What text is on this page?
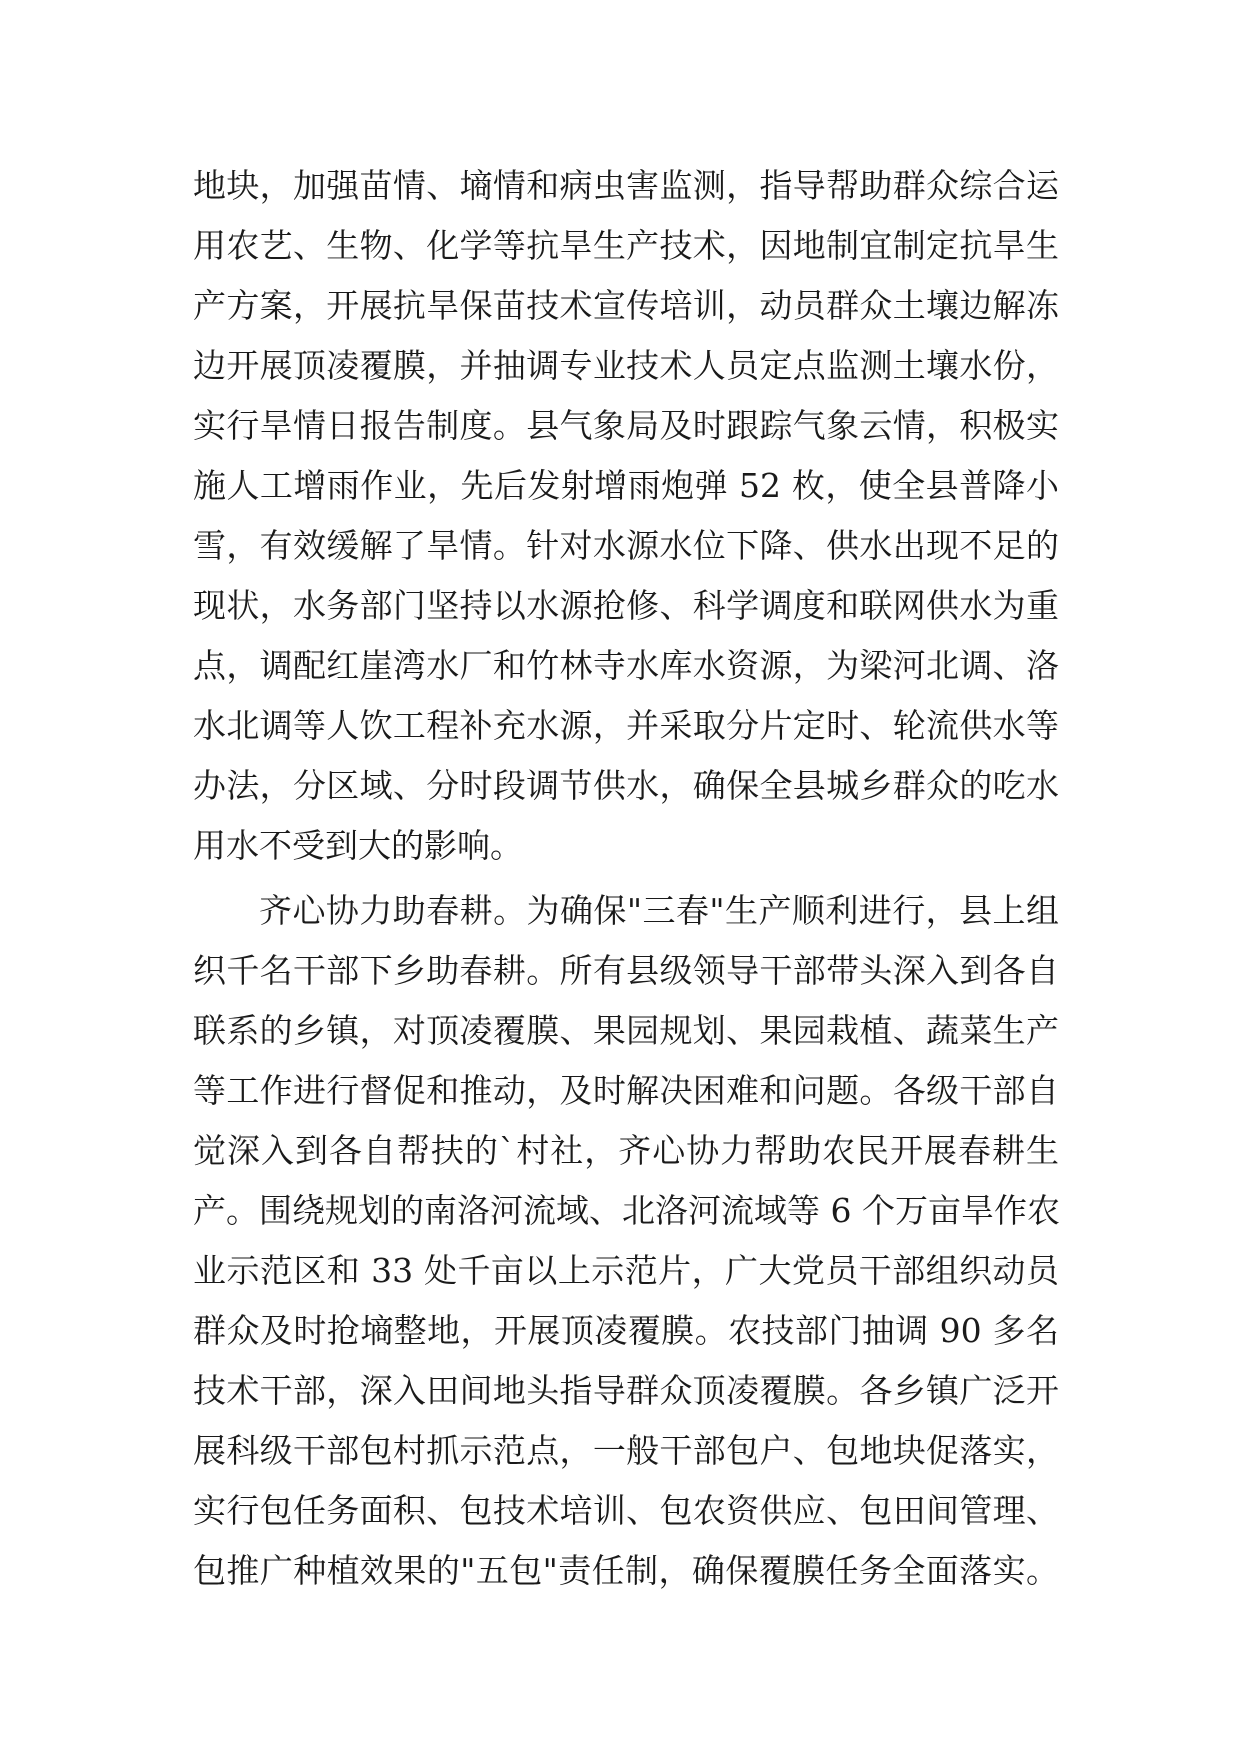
地块，加强苗情、墒情和病虫害监测，指导帮助群众综合运
用农艺、生物、化学等抗旱生产技术，因地制宜制定抗旱生
产方案，开展抗旱保苗技术宣传培训，动员群众土壤边解冻
边开展顶凌覆膜，并抽调专业技术人员定点监测土壤水份，
实行旱情日报告制度。县气象局及时跟踪气象云情，积极实
施人工增雨作业，先后发射增雨炮弹 52 枚，使全县普降小
雪，有效缓解了旱情。针对水源水位下降、供水出现不足的
现状，水务部门坚持以水源抢修、科学调度和联网供水为重
点，调配红崖湾水厂和竹林寺水库水资源，为梁河北调、洛
水北调等人饮工程补充水源，并采取分片定时、轮流供水等
办法，分区域、分时段调节供水，确保全县城乡群众的吃水
用水不受到大的影响。
齐心协力助春耕。为确保"三春"生产顺利进行，县上组
织千名干部下乡助春耕。所有县级领导干部带头深入到各自
联系的乡镇，对顶凌覆膜、果园规划、果园栽植、蔬菜生产
等工作进行督促和推动，及时解决困难和问题。各级干部自
觉深入到各自帮扶的`村社，齐心协力帮助农民开展春耕生
产。围绕规划的南洛河流域、北洛河流域等 6 个万亩旱作农
业示范区和 33 处千亩以上示范片，广大党员干部组织动员
群众及时抢墒整地，开展顶凌覆膜。农技部门抽调 90 多名
技术干部，深入田间地头指导群众顶凌覆膜。各乡镇广泛开
展科级干部包村抓示范点，一般干部包户、包地块促落实，
实行包任务面积、包技术培训、包农资供应、包田间管理、
包推广种植效果的"五包"责任制，确保覆膜任务全面落实。
